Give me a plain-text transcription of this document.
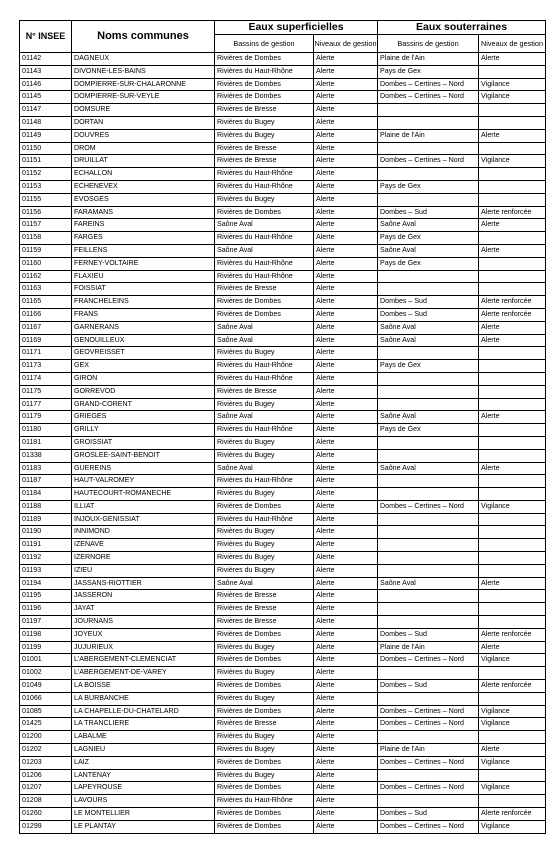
N° INSEE	Noms communes	Eaux superficielles		Eaux souterraines	
		Bassins de gestion	Niveaux de gestion	Bassins de gestion	Niveaux de gestion
01142	DAGNEUX	Rivières de Dombes	Alerte	Plaine de l'Ain	Alerte
01143	DIVONNE-LES-BAINS	Rivières du Haut-Rhône	Alerte	Pays de Gex	
01146	DOMPIERRE-SUR-CHALARONNE	Rivières de Dombes	Alerte	Dombes – Certines – Nord	Vigilance
01145	DOMPIERRE-SUR-VEYLE	Rivières de Dombes	Alerte	Dombes – Certines – Nord	Vigilance
01147	DOMSURE	Rivières de Bresse	Alerte		
01148	DORTAN	Rivières du Bugey	Alerte		
01149	DOUVRES	Rivières du Bugey	Alerte	Plaine de l'Ain	Alerte
01150	DROM	Rivières de Bresse	Alerte		
01151	DRUILLAT	Rivières de Bresse	Alerte	Dombes – Certines – Nord	Vigilance
01152	ECHALLON	Rivières du Haut-Rhône	Alerte		
01153	ECHENEVEX	Rivières du Haut-Rhône	Alerte	Pays de Gex	
01155	EVOSGES	Rivières du Bugey	Alerte		
01156	FARAMANS	Rivières de Dombes	Alerte	Dombes – Sud	Alerte renforcée
01157	FAREINS	Saône Aval	Alerte	Saône Aval	Alerte
01158	FARGES	Rivières du Haut-Rhône	Alerte	Pays de Gex	
01159	FEILLENS	Saône Aval	Alerte	Saône Aval	Alerte
01160	FERNEY-VOLTAIRE	Rivières du Haut-Rhône	Alerte	Pays de Gex	
01162	FLAXIEU	Rivières du Haut-Rhône	Alerte		
01163	FOISSIAT	Rivières de Bresse	Alerte		
01165	FRANCHELEINS	Rivières de Dombes	Alerte	Dombes – Sud	Alerte renforcée
01166	FRANS	Rivières de Dombes	Alerte	Dombes – Sud	Alerte renforcée
01167	GARNERANS	Saône Aval	Alerte	Saône Aval	Alerte
01169	GENOUILLEUX	Saône Aval	Alerte	Saône Aval	Alerte
01171	GEOVREISSET	Rivières du Bugey	Alerte		
01173	GEX	Rivières du Haut-Rhône	Alerte	Pays de Gex	
01174	GIRON	Rivières du Haut-Rhône	Alerte		
01175	GORREVOD	Rivières de Bresse	Alerte		
01177	GRAND-CORENT	Rivières du Bugey	Alerte		
01179	GRIEGES	Saône Aval	Alerte	Saône Aval	Alerte
01180	GRILLY	Rivières du Haut-Rhône	Alerte	Pays de Gex	
01181	GROISSIAT	Rivières du Bugey	Alerte		
01338	GROSLEE-SAINT-BENOIT	Rivières du Bugey	Alerte		
01183	GUEREINS	Saône Aval	Alerte	Saône Aval	Alerte
01187	HAUT-VALROMEY	Rivières du Haut-Rhône	Alerte		
01184	HAUTECOURT-ROMANECHE	Rivières du Bugey	Alerte		
01188	ILLIAT	Rivières de Dombes	Alerte	Dombes – Certines – Nord	Vigilance
01189	INJOUX-GENISSIAT	Rivières du Haut-Rhône	Alerte		
01190	INNIMOND	Rivières du Bugey	Alerte		
01191	IZENAVE	Rivières du Bugey	Alerte		
01192	IZERNORE	Rivières du Bugey	Alerte		
01193	IZIEU	Rivières du Bugey	Alerte		
01194	JASSANS-RIOTTIER	Saône Aval	Alerte	Saône Aval	Alerte
01195	JASSERON	Rivières de Bresse	Alerte		
01196	JAYAT	Rivières de Bresse	Alerte		
01197	JOURNANS	Rivières de Bresse	Alerte		
01198	JOYEUX	Rivières de Dombes	Alerte	Dombes – Sud	Alerte renforcée
01199	JUJURIEUX	Rivières du Bugey	Alerte	Plaine de l'Ain	Alerte
01001	L'ABERGEMENT-CLEMENCIAT	Rivières de Dombes	Alerte	Dombes – Certines – Nord	Vigilance
01002	L'ABERGEMENT-DE-VAREY	Rivières du Bugey	Alerte		
01049	LA BOISSE	Rivières de Dombes	Alerte	Dombes – Sud	Alerte renforcée
01066	LA BURBANCHE	Rivières du Bugey	Alerte		
01085	LA CHAPELLE-DU-CHATELARD	Rivières de Dombes	Alerte	Dombes – Certines – Nord	Vigilance
01425	LA TRANCLIERE	Rivières de Bresse	Alerte	Dombes – Certines – Nord	Vigilance
01200	LABALME	Rivières du Bugey	Alerte		
01202	LAGNIEU	Rivières du Bugey	Alerte	Plaine de l'Ain	Alerte
01203	LAIZ	Rivières de Dombes	Alerte	Dombes – Certines – Nord	Vigilance
01206	LANTENAY	Rivières du Bugey	Alerte		
01207	LAPEYROUSE	Rivières de Dombes	Alerte	Dombes – Certines – Nord	Vigilance
01208	LAVOURS	Rivières du Haut-Rhône	Alerte		
01260	LE MONTELLIER	Rivières de Dombes	Alerte	Dombes – Sud	Alerte renforcée
01299	LE PLANTAY	Rivières de Dombes	Alerte	Dombes – Certines – Nord	Vigilance
